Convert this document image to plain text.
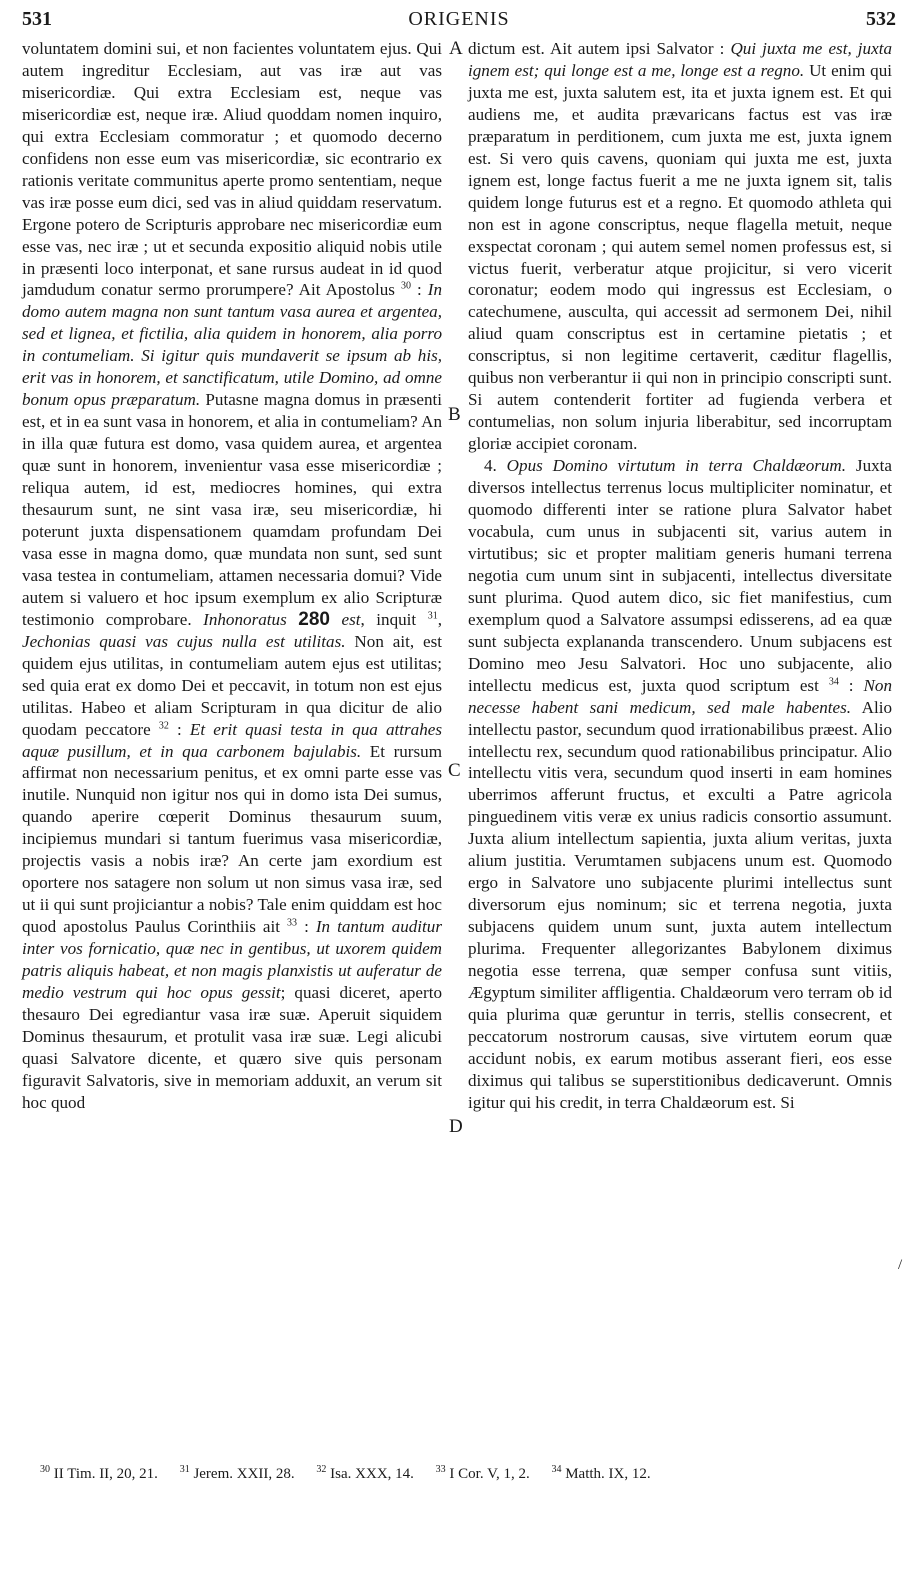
531	ORIGENIS	532

voluntatem domini sui, et non facientes voluntatem ejus. Qui autem ingreditur Ecclesiam, aut vas iræ aut vas misericordiæ. Qui extra Ecclesiam est, neque vas misericordiæ est, neque iræ. Aliud quoddam nomen inquiro, qui extra Ecclesiam commoratur ; et quomodo decerno confidens non esse eum vas misericordiæ, sic econtrario ex rationis veritate communitus aperte promo sententiam, neque vas iræ posse eum dici, sed vas in aliud quiddam reservatum. Ergone potero de Scripturis approbare nec misericordiæ eum esse vas, nec iræ ; ut et secunda expositio aliquid nobis utile in præsenti loco interponat, et sane rursus audeat in id quod jamdudum conatur sermo prorumpere? Ait Apostolus $^{30}$ : In domo autem magna non sunt tantum vasa aurea et argentea, sed et lignea, et fictilia, alia quidem in honorem, alia porro in contumeliam. Si igitur quis mundaverit se ipsum ab his, erit vas in honorem, et sanctificatum, utile Domino, ad omne bonum opus præparatum. Putasne magna domus in præsenti est, et in ea sunt vasa in honorem, et alia in contumeliam? An in illa quæ futura est domo, vasa quidem aurea, et argentea quæ sunt in honorem, invenientur vasa esse misericordiæ ; reliqua autem, id est, mediocres homines, qui extra thesaurum sunt, ne sint vasa iræ, seu misericordiæ, hi poterunt juxta dispensationem quamdam profundam Dei vasa esse in magna domo, quæ mundata non sunt, sed sunt vasa testea in contumeliam, attamen necessaria domui? Vide autem si valuero et hoc ipsum exemplum ex alio Scripturæ testimonio comprobare. Inhonoratus 280 est, inquit $^{31}$, Jechonias quasi vas cujus nulla est utilitas. Non ait, est quidem ejus utilitas, in contumeliam autem ejus est utilitas; sed quia erat ex domo Dei et peccavit, in totum non est ejus utilitas. Habeo et aliam Scripturam in qua dicitur de alio quodam peccatore $^{32}$ : Et erit quasi testa in qua attrahes aquæ pusillum, et in qua carbonem bajulabis. Et rursum affirmat non necessarium penitus, et ex omni parte esse vas inutile. Nunquid non igitur nos qui in domo ista Dei sumus, quando aperire cœperit Dominus thesaurum suum, incipiemus mundari si tantum fuerimus vasa misericordiæ, projectis vasis a nobis iræ? An certe jam exordium est oportere nos satagere non solum ut non simus vasa iræ, sed ut ii qui sunt projiciantur a nobis? Tale enim quiddam est hoc quod apostolus Paulus Corinthiis ait $^{33}$ : In tantum auditur inter vos fornicatio, quæ nec in gentibus, ut uxorem quidem patris aliquis habeat, et non magis planxistis ut auferatur de medio vestrum qui hoc opus gessit; quasi diceret, aperto thesauro Dei egrediantur vasa iræ suæ. Aperuit siquidem Dominus thesaurum, et protulit vasa iræ suæ. Legi alicubi quasi Salvatore dicente, et quæro sive quis personam figuravit Salvatoris, sive in memoriam adduxit, an verum sit hoc quod

A
B
C
D

dictum est. Ait autem ipsi Salvator : Qui juxta me est, juxta ignem est; qui longe est a me, longe est a regno. Ut enim qui juxta me est, juxta salutem est, ita et juxta ignem est. Et qui audiens me, et audita prævaricans factus est vas iræ præparatum in perditionem, cum juxta me est, juxta ignem est. Si vero quis cavens, quoniam qui juxta me est, juxta ignem est, longe factus fuerit a me ne juxta ignem sit, talis quidem longe futurus est et a regno. Et quomodo athleta qui non est in agone conscriptus, neque flagella metuit, neque exspectat coronam ; qui autem semel nomen professus est, si victus fuerit, verberatur atque projicitur, si vero vicerit coronatur; eodem modo qui ingressus est Ecclesiam, o catechumene, ausculta, qui accessit ad sermonem Dei, nihil aliud quam conscriptus est in certamine pietatis ; et conscriptus, si non legitime certaverit, cæditur flagellis, quibus non verberantur ii qui non in principio conscripti sunt. Si autem contenderit fortiter ad fugienda verbera et contumelias, non solum injuria liberabitur, sed incorruptam gloriæ accipiet coronam.

4. Opus Domino virtutum in terra Chaldæorum. Juxta diversos intellectus terrenus locus multipliciter nominatur, et quomodo differenti inter se ratione plura Salvator habet vocabula, cum unus in subjacenti sit, varius autem in virtutibus; sic et propter malitiam generis humani terrena negotia cum unum sint in subjacenti, intellectus diversitate sunt plurima. Quod autem dico, sic fiet manifestius, cum exemplum quod a Salvatore assumpsi edisserens, ad ea quæ sunt subjecta explananda transcendero. Unum subjacens est Domino meo Jesu Salvatori. Hoc uno subjacente, alio intellectu medicus est, juxta quod scriptum est $^{34}$ : Non necesse habent sani medicum, sed male habentes. Alio intellectu pastor, secundum quod irrationabilibus præest. Alio intellectu rex, secundum quod rationabilibus principatur. Alio intellectu vitis vera, secundum quod inserti in eam homines uberrimos afferunt fructus, et exculti a Patre agricola pinguedinem vitis veræ ex unius radicis consortio assumunt. Juxta alium intellectum sapientia, juxta alium veritas, juxta alium justitia. Verumtamen subjacens unum est. Quomodo ergo in Salvatore uno subjacente plurimi intellectus sunt diversorum ejus nominum; sic et terrena negotia, juxta subjacens quidem unum sunt, juxta autem intellectum plurima. Frequenter allegorizantes Babylonem diximus negotia esse terrena, quæ semper confusa sunt vitiis, Ægyptum similiter affligentia. Chaldæorum vero terram ob id quia plurima quæ geruntur in terris, stellis consecrent, et peccatorum nostrorum causas, sive virtutem eorum quæ accidunt nobis, ex earum motibus asserant fieri, eos esse diximus qui talibus se superstitionibus dedicaverunt. Omnis igitur qui his credit, in terra Chaldæorum est. Si

/
$^{30}$ II Tim. II, 20, 21. $^{31}$ Jerem. XXII, 28. $^{32}$ Isa. XXX, 14. $^{33}$ I Cor. V, 1, 2. $^{34}$ Matth. IX, 12.
